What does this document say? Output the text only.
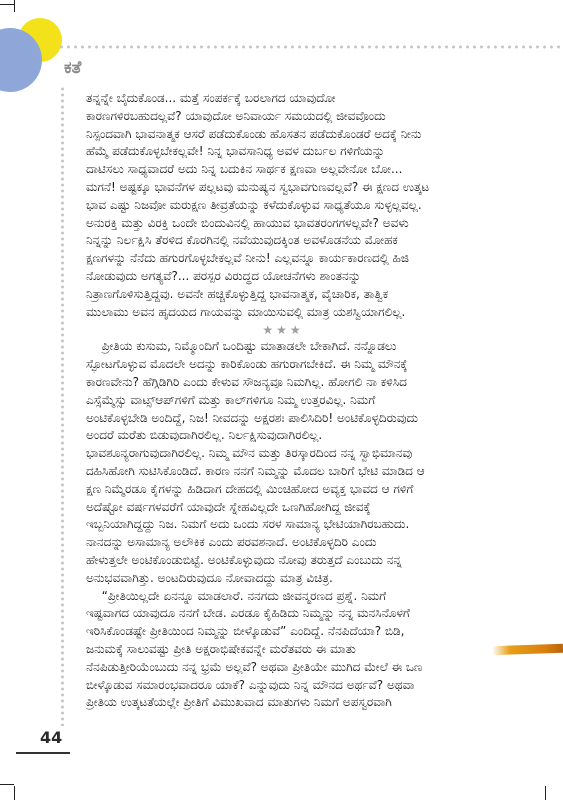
ಕತೆ

ತನ್ನನ್ನೇ ಬೈದುಕೊಂಡ... ಮತ್ತೆ ಸಂಪರ್ಕಕ್ಕೆ ಬರಲಾಗದ ಯಾವುದೋ
ಕಾರಣಗಳಿರಬಹುದಲ್ಲವೆ? ಯಾವುದೋ ಅನಿವಾರ್ಯ ಸಮಯದಲ್ಲಿ ಜೀವವೊಂದು
ನಿಸ್ಪಂದವಾಗಿ ಭಾವನಾತ್ಮಕ ಆಸರೆ ಪಡೆದುಕೊಂಡು ಹೊಸತನ ಪಡೆದುಕೊಂಡರೆ ಅದಕ್ಕೆ ನೀನು
ಹೆಮ್ಮೆ ಪಡೆದುಕೊಳ್ಳಬೇಕಲ್ಲವೇ! ನಿನ್ನ ಭಾವಸಾನಿಧ್ಯ ಅವಳ ದುರ್ಬಲ ಗಳಿಗೆಯನ್ನು
ದಾಟಿಸಲು ಸಾಧ್ಯವಾದರೆ ಅದು ನಿನ್ನ ಬದುಕಿನ ಸಾರ್ಥಕ ಕ್ಷಣವಾ ಅಲ್ಲವೇನೋ ಬೋ...
ಮಗನೆ! ಅಷ್ಟಕ್ಕೂ ಭಾವನೆಗಳ ಪಲ್ಲಟವು ಮನುಷ್ಯನ ಸ್ವಭಾವಗುಣವಲ್ಲವೆ? ಈ ಕ್ಷಣದ ಉತ್ಕಟ
ಭಾವ ಎಷ್ಟು ನಿಜವೋ ಮರುಕ್ಷಣ ತೀವ್ರತೆಯನ್ನು ಕಳೆದುಕೊಳ್ಳುವ ಸಾಧ್ಯತೆಯೂ ಸುಳ್ಳಲ್ಲವಲ್ಲ.
ಅನುರಕ್ತಿ ಮತ್ತು ವಿರಕ್ತಿ ಒಂದೇ ಬಿಂದುವಿನಲ್ಲಿ ಹಾಯುವ ಭಾವತರಂಗಗಳಲ್ಲವೇ? ಅವಳು
ನಿನ್ನನ್ನು ನಿರ್ಲಕ್ಷಿಸಿ ತೆರಳಿದ ಕೊರಗಿನಲ್ಲಿ ನವೆಯುವುದಕ್ಕಿಂತ ಅವಳೊಡನೆಯ ಮೋಹಕ
ಕ್ಷಣಗಳನ್ನು ನೆನೆದು ಹಗುರಗೊಳ್ಳಬೇಕಲ್ಲವೆ ನೀನು! ಎಲ್ಲವನ್ನೂ ಕಾರ್ಯಕಾರಣದಲ್ಲಿ ಹಿಜಿ
ನೋಡುವುದು ಅಗತ್ಯವೆ?... ಪರಸ್ಪರ ವಿರುದ್ಧದ ಯೋಚನೆಗಳು ಶಾಂತನನ್ನು
ನಿತ್ರಾಣಗೊಳಿಸುತ್ತಿದ್ದವು. ಅವನೇ ಹಚ್ಚಿಕೊಳ್ಳುತ್ತಿದ್ದ ಭಾವನಾತ್ಮಕ, ವೈಚಾರಿಕ, ತಾತ್ವಿಕ
ಮುಲಾಮು ಅವನ ಹೃದಯದ ಗಾಯವನ್ನು ಮಾಯಿಸುವಲ್ಲಿ ಮಾತ್ರ ಯಶಸ್ವಿಯಾಗಲಿಲ್ಲ.

★★★

ಪ್ರೀತಿಯ ಕುಸುಮ, ನಿಮ್ಮೊಂದಿಗೆ ಒಂದಿಷ್ಟು ಮಾತಾಡಲೇ ಬೇಕಾಗಿದೆ. ನನ್ನೊಡಲು
ಸ್ಫೋಟಗೊಳ್ಳುವ ಮೊದಲೇ ಅದನ್ನು ಕಾರಿಕೊಂಡು ಹಗುರಾಗಬೇಕಿದೆ. ಈ ನಿಮ್ಮ ಮೌನಕ್ಕೆ
ಕಾರಣವೇನು? ಹೆಗ್ಗಿಡಿಗಿರಿ ಎಂದು ಕೇಳುವ ಸೌಜನ್ಯವೂ ನಿಮಗಿಲ್ಲ. ಹೋಗಲಿ ನಾ ಕಳಿಸಿದ
ಎಸ್ಸೆಮ್ಮೆಸ್ಸು ವಾಟ್ಸ್‌ಆಪ್‌ಗಳಿಗೆ ಮತ್ತು ಕಾಲ್‌ಗಳಿಗೂ ನಿಮ್ಮ ಉತ್ತರವಿಲ್ಲ. ನಿಮಗೆ
ಅಂಟಿಕೊಳ್ಳಬೇಡಿ ಅಂದಿದ್ದೆ, ನಿಜ! ನೀವದನ್ನು ಅಕ್ಷರಶಃ ಪಾಲಿಸಿದಿರಿ! ಅಂಟಿಕೊಳ್ಳದಿರುವುದು
ಅಂದರೆ ಮರೆತು ಬಿಡುವುದಾಗಿರಲಿಲ್ಲ. ನಿರ್ಲಕ್ಷಿಸುವುದಾಗಿರಲಿಲ್ಲ.

ಭಾವಶೂನ್ಯರಾಗುವುದಾಗಿರಲಿಲ್ಲ. ನಿಮ್ಮ ಮೌನ ಮತ್ತು ತಿರಸ್ಕಾರದಿಂದ ನನ್ನ ಸ್ವಾಭಿಮಾನವು
ದಹಿಸಿಹೋಗಿ ಸುಟಿಸಿಕೊಂಡಿದೆ. ಕಾರಣ ನನಗೆ ನಿಮ್ಮನ್ನು ಮೊದಲ ಬಾರಿಗೆ ಭೇಟಿ ಮಾಡಿದ ಆ
ಕ್ಷಣ ನಿಮ್ಮೆರಡೂ ಕೈಗಳನ್ನು ಹಿಡಿದಾಗ ದೇಹದಲ್ಲಿ ಮಿಂಚಿಹೋದ ಅವ್ಯಕ್ತ ಭಾವದ ಆ ಗಳಿಗೆ
ಅದೆಷ್ಟೋ ವರ್ಷಗಳವರೆಗೆ ಯಾವುದೇ ಸ್ನೇಹವಿಲ್ಲದೇ ಒಣಗಿಹೋಗಿದ್ದ ಜೀವಕ್ಕೆ
ಇಬ್ಬನಿಯಾಗಿದ್ದದ್ದು ನಿಜ. ನಿಮಗೆ ಅದು ಒಂದು ಸರಳ ಸಾಮಾನ್ಯ ಭೇಟಿಯಾಗಿರಬಹುದು.
ನಾನದನ್ನು ಅಸಾಮಾನ್ಯ ಅಲೌಕಿಕ ಎಂದು ಪರವಶನಾದೆ. ಅಂಟಿಕೊಳ್ಳದಿರಿ ಎಂದು
ಹೇಳುತ್ತಲೇ ಅಂಟಿಕೊಂಡುಬಿಟ್ಟೆ. ಅಂಟಿಕೊಳ್ಳುವುದು ನೋವು ತರುತ್ತದೆ ಎಂಬುದು ನನ್ನ
ಅನುಭವವಾಗಿತ್ತು. ಅಂಟದಿರುವುದೂ ನೋವಾದದ್ದು ಮಾತ್ರ ವಿಚಿತ್ರ.

“ಪ್ರೀತಿಯಿಲ್ಲದೇ ಏನನ್ನೂ ಮಾಡಲಾರೆ. ನನಗದು ಜೀವನ್ಮರಣದ ಪ್ರಶ್ನೆ. ನಿಮಗೆ
ಇಷ್ಟವಾಗದ ಯಾವುದೂ ನನಗೆ ಬೇಡ. ಎರಡೂ ಕೈಹಿಡಿದು ನಿಮ್ಮನ್ನು ನನ್ನ ಮನಸಿನೊಳಗೆ
ಇರಿಸಿಕೊಂಡಷ್ಟೇ ಪ್ರೀತಿಯಿಂದ ನಿಮ್ಮನ್ನು ಬೀಳ್ಕೊಡುವೆ” ಎಂದಿದ್ದೆ. ನೆನಪಿದೆಯಾ? ಬಿಡಿ,
ಜನುಮಕ್ಕೆ ಸಾಲುವಷ್ಟು ಪ್ರೀತಿ ಅಕ್ಷರಾಭಿಷೇಕವನ್ನೇ ಮರೆತವರು ಈ ಮಾತು
ನೆನಪಿಡುತ್ತೀರಿಯೆಂಬುದು ನನ್ನ ಭ್ರಮೆ ಅಲ್ಲವೆ? ಅಥವಾ ಪ್ರೀತಿಯೇ ಮುಗಿದ ಮೇಲೆ ಈ ಒಣ
ಬೀಳ್ಕೊಡುವ ಸಮಾರಂಭವಾದರೂ ಯಾಕೆ? ಎನ್ನುವುದು ನಿನ್ನ ಮೌನದ ಅರ್ಥವೆ? ಅಥವಾ
ಪ್ರೀತಿಯ ಉತ್ಕಟತೆಯಲ್ಲೇ ಪ್ರೀತಿಗೆ ವಿಮುಖವಾದ ಮಾತುಗಳು ನಿಮಗೆ ಅಪಸ್ವರವಾಗಿ

44
